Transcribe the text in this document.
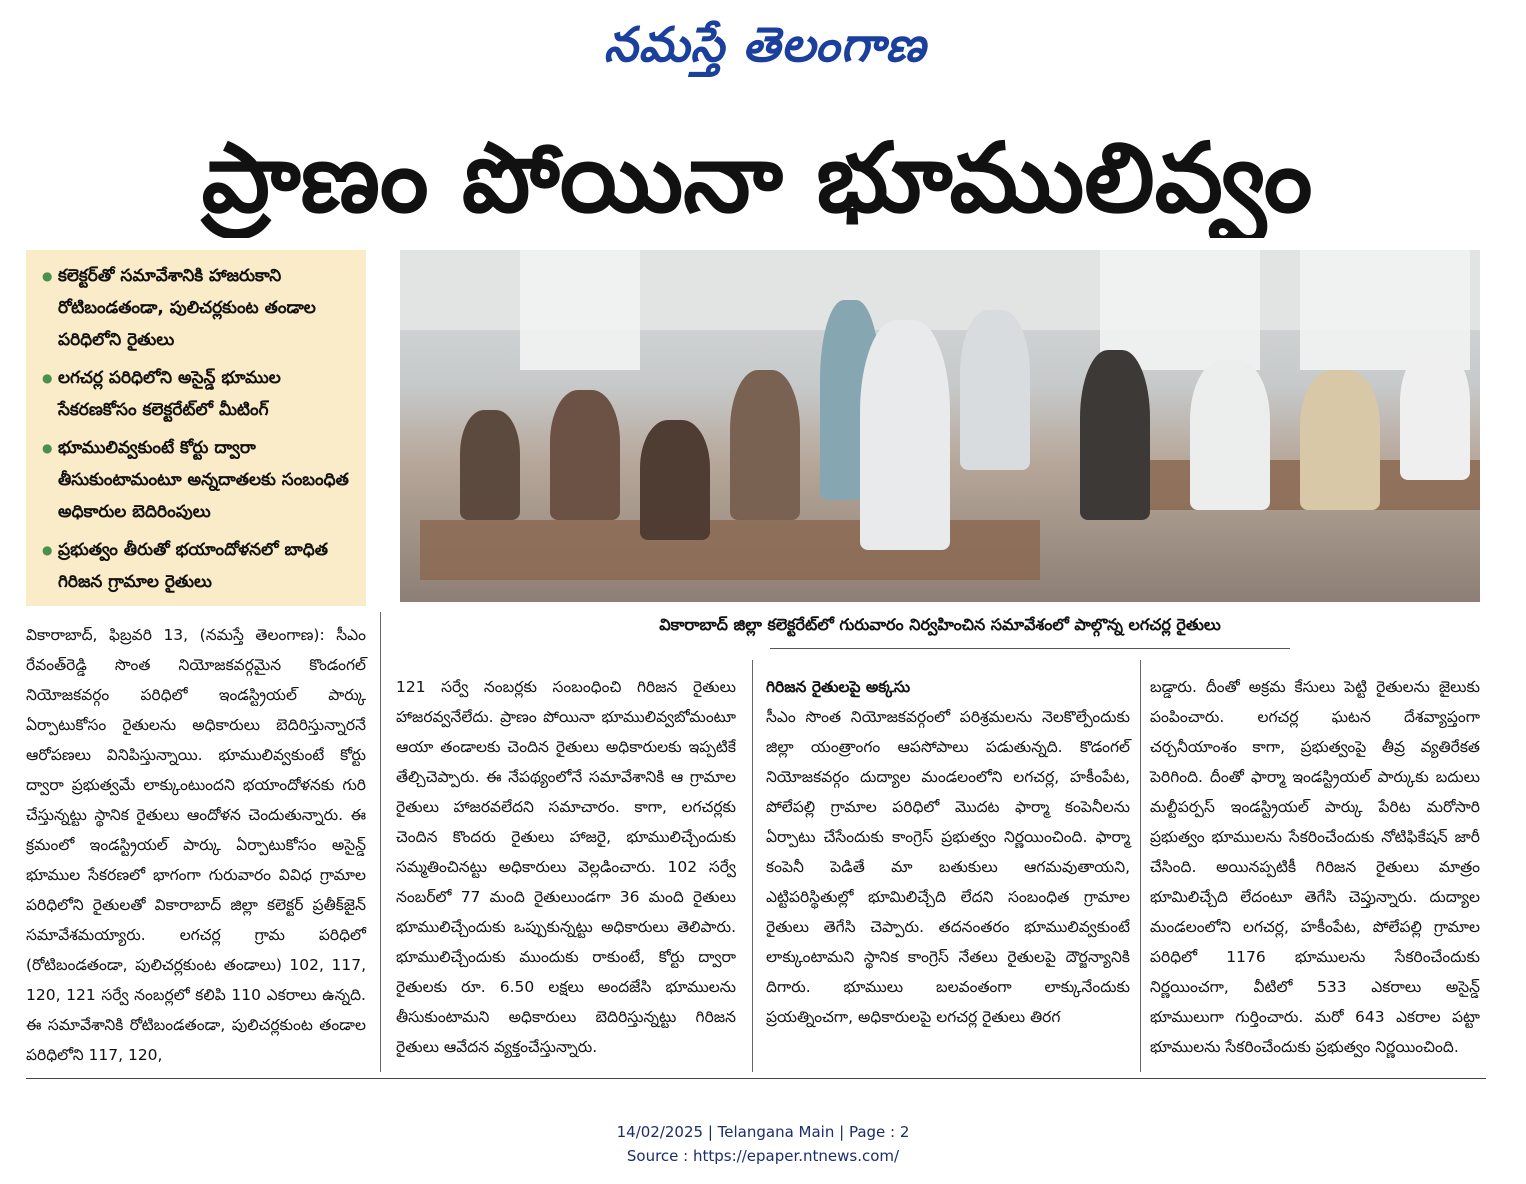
నమస్తే తెలంగాణ
ప్రాణం పోయినా భూములివ్వం
● కలెక్టర్‌తో సమావేశానికి హాజరుకాని రోటిబండతండా, పులిచర్లకుంట తండాల పరిధిలోని రైతులు
● లగచర్ల పరిధిలోని అసైన్డ్ భూముల సేకరణకోసం కలెక్టరేట్‌లో మీటింగ్
● భూములివ్వకుంటే కోర్టు ద్వారా తీసుకుంటామంటూ అన్నదాతలకు సంబంధిత అధికారుల బెదిరింపులు
● ప్రభుత్వం తీరుతో భయాందోళనలో బాధిత గిరిజన గ్రామాల రైతులు
వికారాబాద్ జిల్లా కలెక్టరేట్‌లో గురువారం నిర్వహించిన సమావేశంలో పాల్గొన్న లగచర్ల రైతులు

వికారాబాద్, ఫిబ్రవరి 13, (నమస్తే తెలంగాణ): సీఎం రేవంత్‌రెడ్డి సొంత నియోజకవర్గమైన కొండంగల్ నియోజకవర్గం పరిధిలో ఇండస్ట్రియల్ పార్కు ఏర్పాటుకోసం రైతులను అధికారులు బెదిరిస్తున్నారనే ఆరోపణలు వినిపిస్తున్నాయి. భూములివ్వకుంటే కోర్టు ద్వారా ప్రభుత్వమే లాక్కుంటుందని భయాందోళనకు గురి చేస్తున్నట్టు స్థానిక రైతులు ఆందోళన చెందుతున్నారు. ఈ క్రమంలో ఇండస్ట్రియల్ పార్కు ఏర్పాటుకోసం అసైన్డ్ భూముల సేకరణలో భాగంగా గురువారం వివిధ గ్రామాల పరిధిలోని రైతులతో వికారాబాద్ జిల్లా కలెక్టర్ ప్రతీక్‌జైన్ సమావేశమయ్యారు. లగచర్ల గ్రామ పరిధిలో (రోటిబండతండా, పులిచర్లకుంట తండాలు) 102, 117, 120, 121 సర్వే నంబర్లలో కలిపి 110 ఎకరాలు ఉన్నది. ఈ సమావేశానికి రోటిబండతండా, పులిచర్లకుంట తండాల పరిధిలోని 117, 120,

121 సర్వే నంబర్లకు సంబంధించి గిరిజన రైతులు హాజరవ్వనేలేదు. ప్రాణం పోయినా భూములివ్వబోమంటూ ఆయా తండాలకు చెందిన రైతులు అధికారులకు ఇప్పటికే తేల్చిచెప్పారు. ఈ నేపథ్యంలోనే సమావేశానికి ఆ గ్రామాల రైతులు హాజరవలేదని సమాచారం. కాగా, లగచర్లకు చెందిన కొందరు రైతులు హాజరై, భూములిచ్చేందుకు సమ్మతించినట్టు అధికారులు వెల్లడించారు. 102 సర్వే నంబర్‌లో 77 మంది రైతులుండగా 36 మంది రైతులు భూములిచ్చేందుకు ఒప్పుకున్నట్టు అధికారులు తెలిపారు. భూములిచ్చేందుకు ముందుకు రాకుంటే, కోర్టు ద్వారా రైతులకు రూ. 6.50 లక్షలు అందజేసి భూములను తీసుకుంటామని అధికారులు బెదిరిస్తున్నట్టు గిరిజన రైతులు ఆవేదన వ్యక్తంచేస్తున్నారు.

గిరిజన రైతులపై అక్కసు

సీఎం సొంత నియోజకవర్గంలో పరిశ్రమలను నెలకొల్పేందుకు జిల్లా యంత్రాంగం ఆపసోపాలు పడుతున్నది. కొడంగల్ నియోజకవర్గం దుద్యాల మండలంలోని లగచర్ల, హకీంపేట, పోలేపల్లి గ్రామాల పరిధిలో మొదట ఫార్మా కంపెనీలను ఏర్పాటు చేసేందుకు కాంగ్రెస్ ప్రభుత్వం నిర్ణయించింది. ఫార్మా కంపెనీ పెడితే మా బతుకులు ఆగమవుతాయని, ఎట్టిపరిస్థితుల్లో భూమిలిచ్చేది లేదని సంబంధిత గ్రామాల రైతులు తెగేసి చెప్పారు. తదనంతరం భూములివ్వకుంటే లాక్కుంటామని స్థానిక కాంగ్రెస్ నేతలు రైతులపై దౌర్జన్యానికి దిగారు. భూములు బలవంతంగా లాక్కునేందుకు ప్రయత్నించగా, అధికారులపై లగచర్ల రైతులు తిరగ

బడ్డారు. దీంతో అక్రమ కేసులు పెట్టి రైతులను జైలుకు పంపించారు. లగచర్ల ఘటన దేశవ్యాప్తంగా చర్చనీయాంశం కాగా, ప్రభుత్వంపై తీవ్ర వ్యతిరేకత పెరిగింది. దీంతో ఫార్మా ఇండస్ట్రియల్ పార్కుకు బదులు మల్టీపర్పస్ ఇండస్ట్రియల్ పార్కు పేరిట మరోసారి ప్రభుత్వం భూములను సేకరించేందుకు నోటిఫికేషన్ జారీ చేసింది. అయినప్పటికీ గిరిజన రైతులు మాత్రం భూమిలిచ్చేది లేదంటూ తెగేసి చెప్తున్నారు. దుద్యాల మండలంలోని లగచర్ల, హకీంపేట, పోలేపల్లి గ్రామాల పరిధిలో 1176 భూములను సేకరించేందుకు నిర్ణయించగా, వీటిలో 533 ఎకరాలు అసైన్డ్ భూములుగా గుర్తించారు. మరో 643 ఎకరాల పట్టా భూములను సేకరించేందుకు ప్రభుత్వం నిర్ణయించింది.

14/02/2025 | Telangana Main | Page : 2
Source : https://epaper.ntnews.com/
